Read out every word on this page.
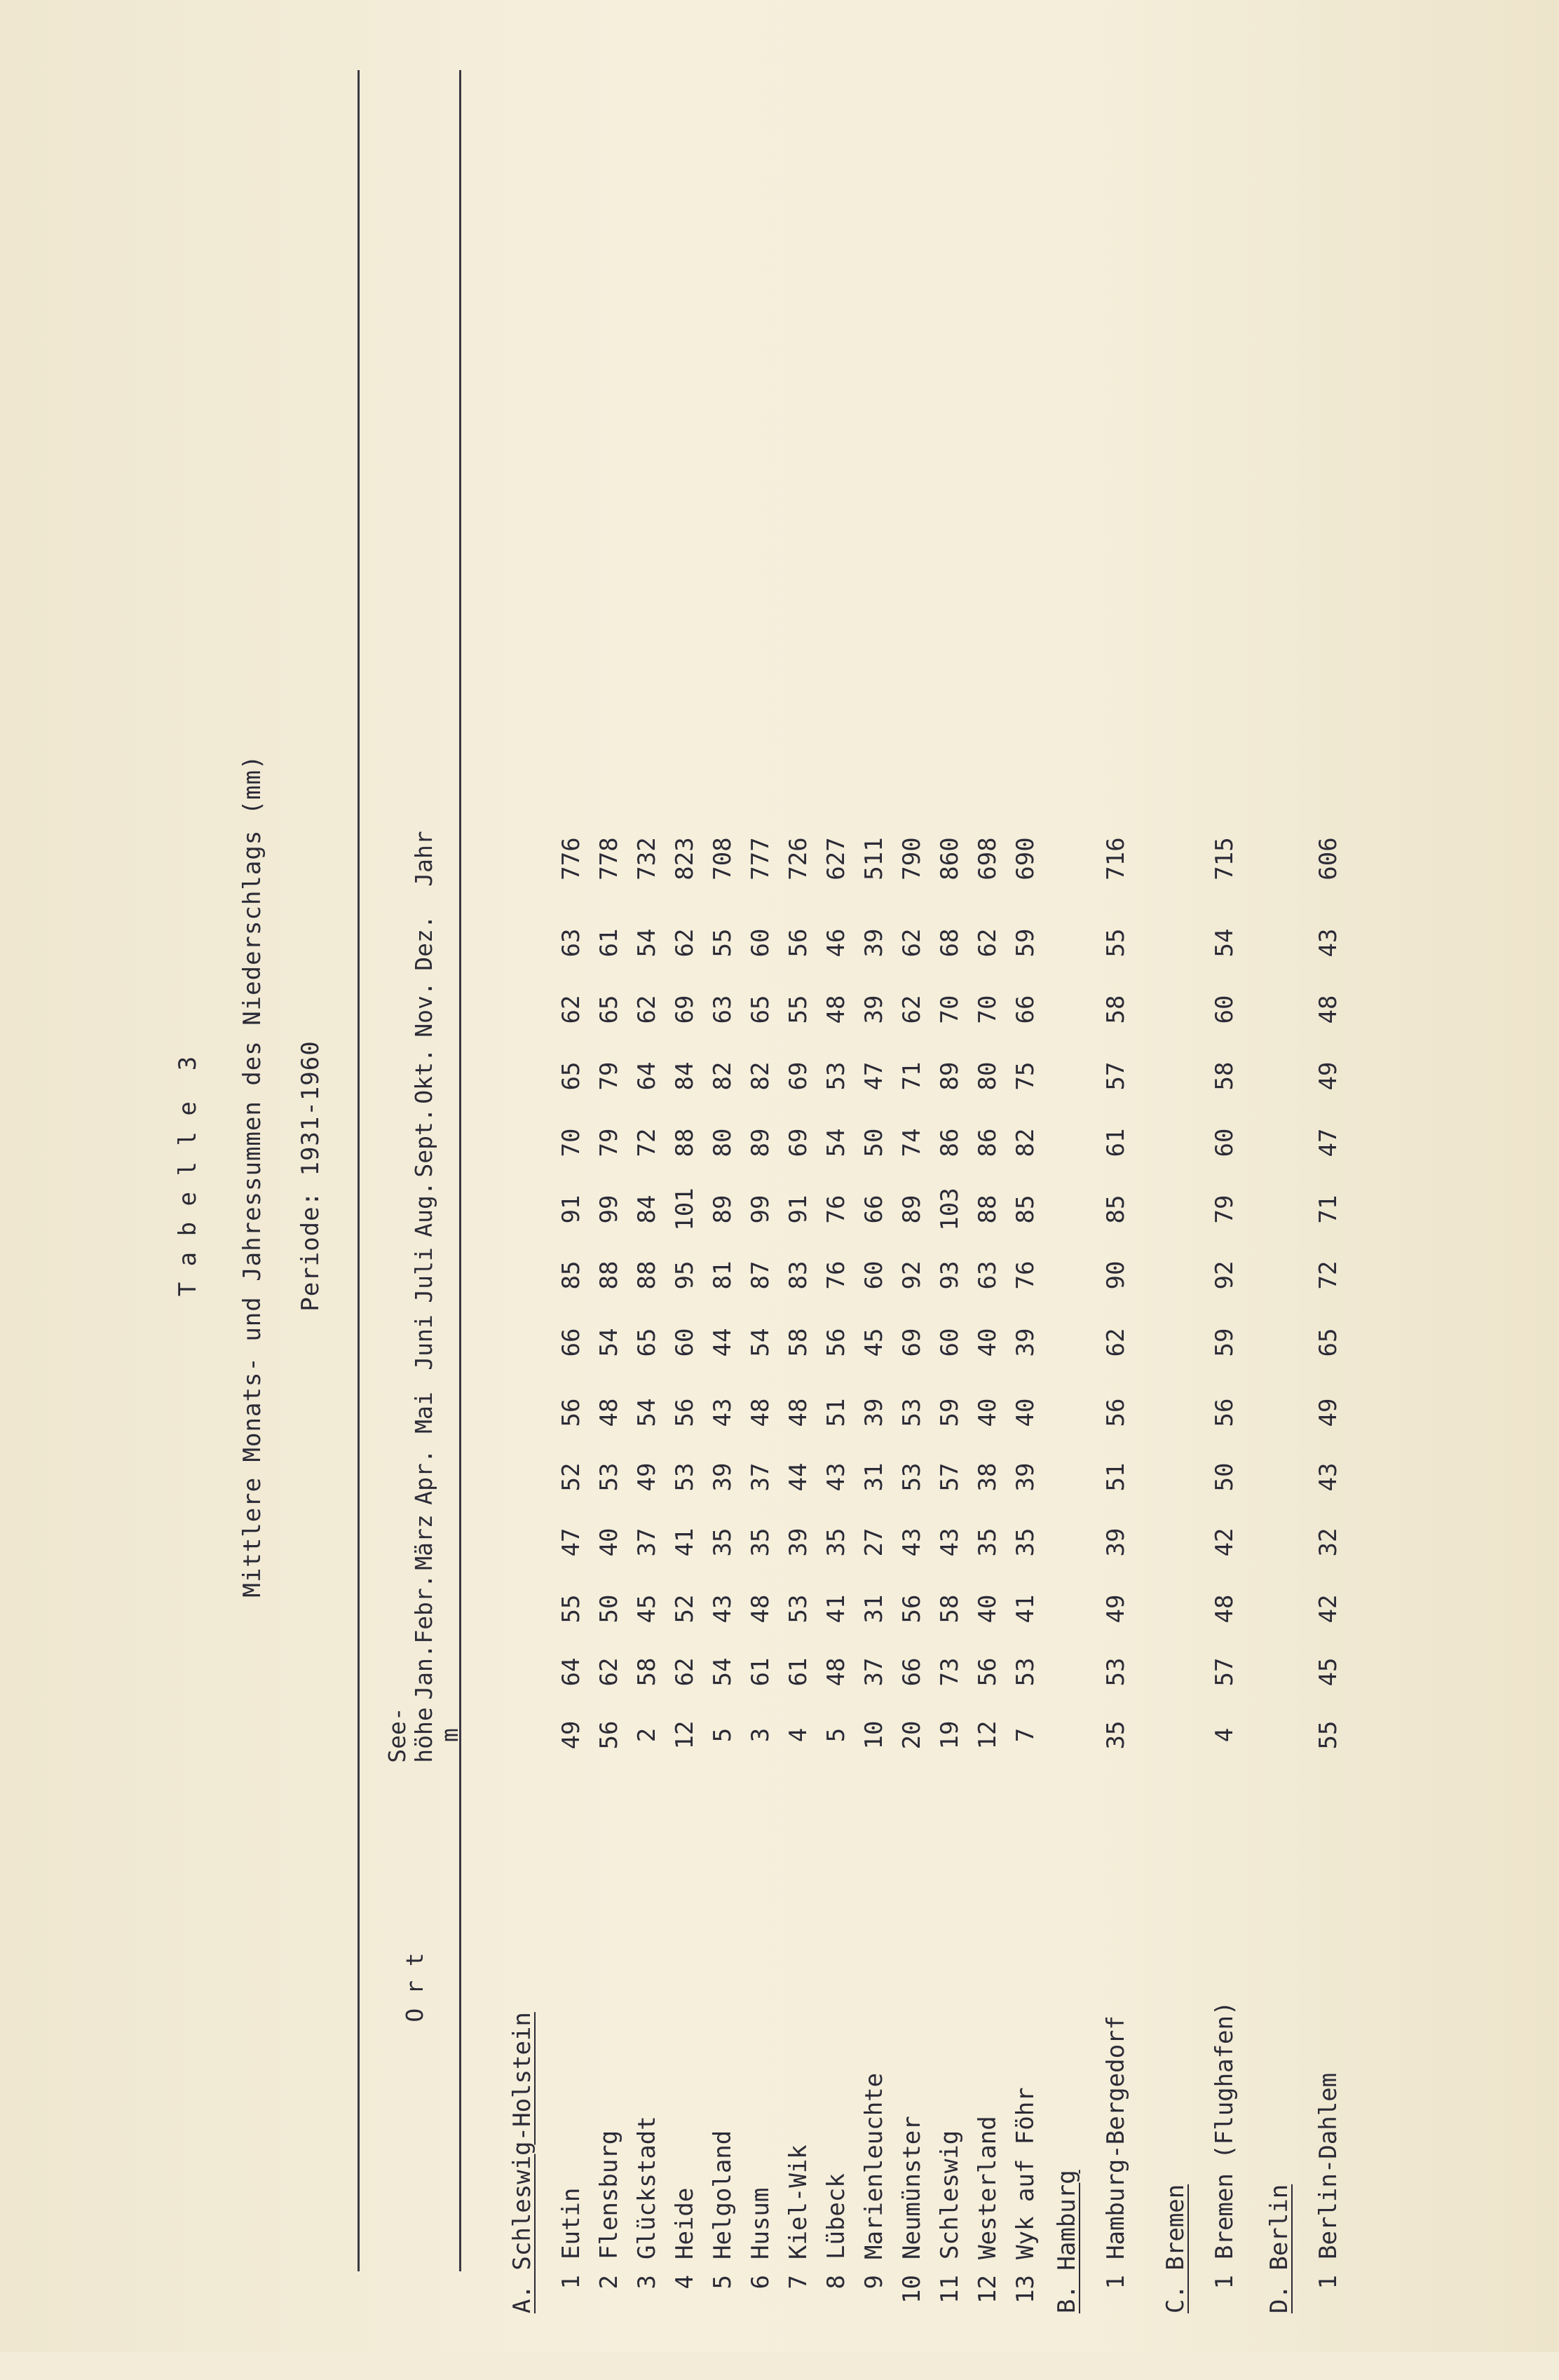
T a b e l l e  3 Mittlere Monats- und Jahressummen des Niederschlags (mm) Periode: 1931-1960
O r t
See- höhe
m
Jan.
Febr.
März
Apr.
Mai
Juni
Juli
Aug.
Sept.
Okt.
Nov.
Dez.
Jahr
A. Schleswig-Holstein 1
Eutin
49
64
55
47
52
56
66
85
91
70
65
62
63
776
2
Flensburg
56
62
50
40
53
48
54
88
99
79
79
65
61
778
3
Glückstadt
2
58
45
37
49
54
65
88
84
72
64
62
54
732
4
Heide
12
62
52
41
53
56
60
95
101
88
84
69
62
823
5
Helgoland
5
54
43
35
39
43
44
81
89
80
82
63
55
708
6
Husum
3
61
48
35
37
48
54
87
99
89
82
65
60
777
7
Kiel-Wik
4
61
53
39
44
48
58
83
91
69
69
55
56
726
8
Lübeck
5
48
41
35
43
51
56
76
76
54
53
48
46
627
9
Marienleuchte
10
37
31
27
31
39
45
60
66
50
47
39
39
511
10
Neumünster
20
66
56
43
53
53
69
92
89
74
71
62
62
790
11
Schleswig
19
73
58
43
57
59
60
93
103
86
89
70
68
860
12
Westerland
12
56
40
35
38
40
40
63
88
86
80
70
62
698
13
Wyk auf Föhr
7
53
41
35
39
40
39
76
85
82
75
66
59
690
B. Hamburg 1
Hamburg-Bergedorf
35
53
49
39
51
56
62
90
85
61
57
58
55
716
C. Bremen 1
Bremen (Flughafen)
4
57
48
42
50
56
59
92
79
60
58
60
54
715
D. Berlin 1
Berlin-Dahlem
55
45
42
32
43
49
65
72
71
47
49
48
43
606
